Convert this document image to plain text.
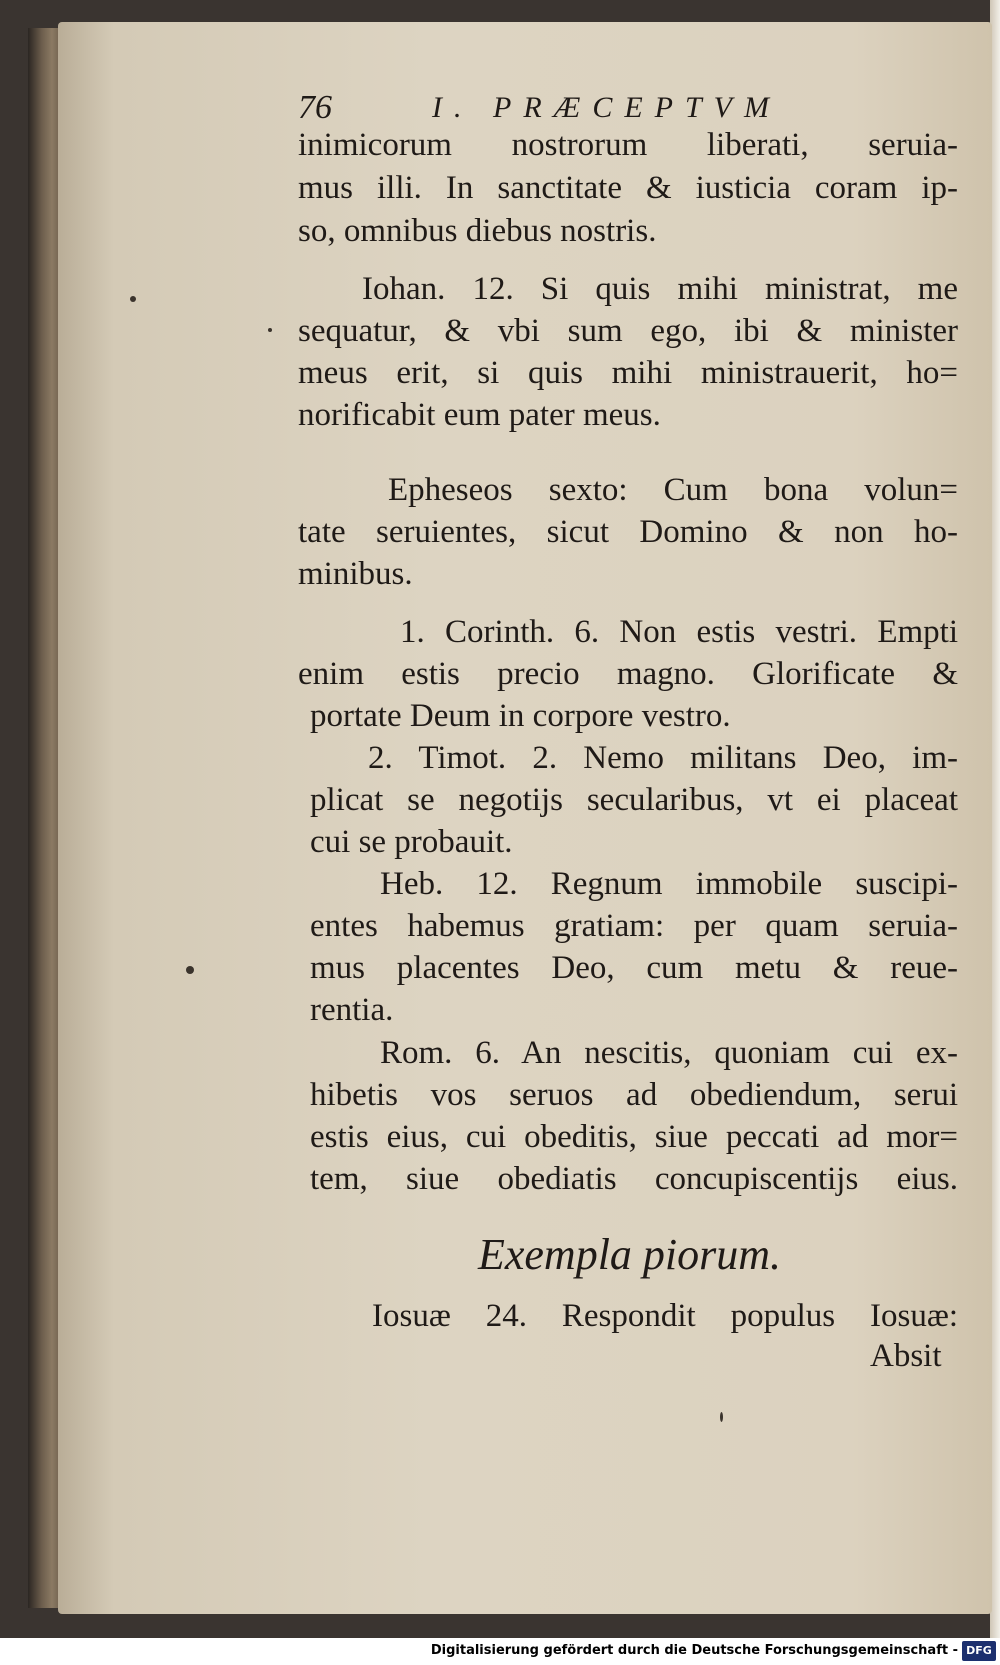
76	I. PRÆCEPTVM
inimicorum nostrorum liberati, seruia-
mus illi. In sanctitate & iusticia coram ip-
so, omnibus diebus nostris.
Iohan. 12. Si quis mihi ministrat, me
sequatur, & vbi sum ego, ibi & minister
meus erit, si quis mihi ministrauerit, ho=
norificabit eum pater meus.
Epheseos sexto: Cum bona volun=
tate seruientes, sicut Domino & non ho-
minibus.
1. Corinth. 6. Non estis vestri. Empti
enim estis precio magno. Glorificate &
portate Deum in corpore vestro.
2. Timot. 2. Nemo militans Deo, im-
plicat se negotijs secularibus, vt ei placeat
cui se probauit.
Heb. 12. Regnum immobile suscipi-
entes habemus gratiam: per quam seruia-
mus placentes Deo, cum metu & reue-
rentia.
Rom. 6. An nescitis, quoniam cui ex-
hibetis vos seruos ad obediendum, serui
estis eius, cui obeditis, siue peccati ad mor=
tem, siue obediatis concupiscentijs eius.
Exempla piorum.
Iosuæ 24. Respondit populus Iosuæ:
Absit
Digitalisierung gefördert durch die Deutsche Forschungsgemeinschaft - DFG
